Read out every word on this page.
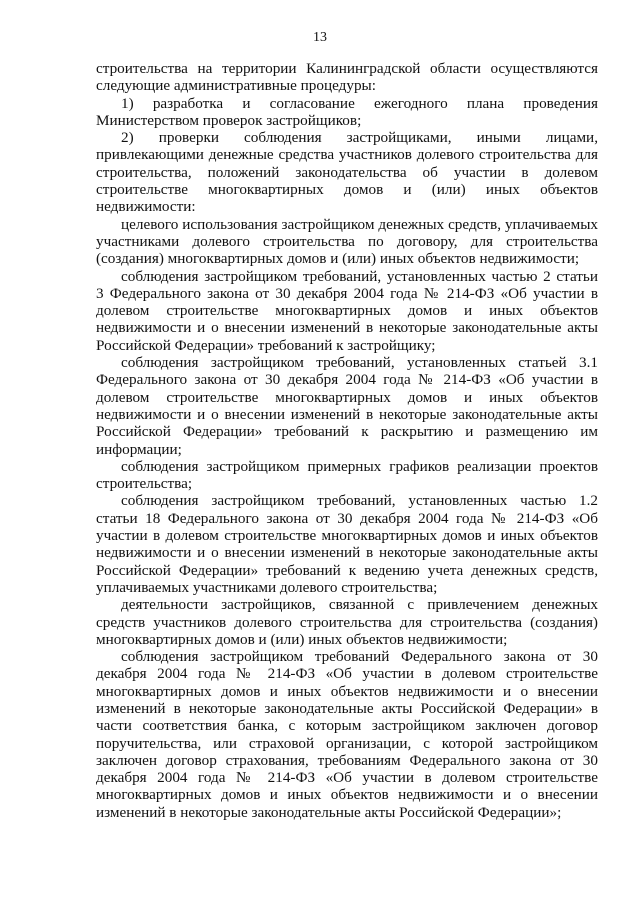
13

строительства на территории Калининградской области осуществляются следующие административные процедуры:

1) разработка и согласование ежегодного плана проведения Министерством проверок застройщиков;

2) проверки соблюдения застройщиками, иными лицами, привлекающими денежные средства участников долевого строительства для строительства, положений законодательства об участии в долевом строительстве многоквартирных домов и (или) иных объектов недвижимости:

целевого использования застройщиком денежных средств, уплачиваемых участниками долевого строительства по договору, для строительства (создания) многоквартирных домов и (или) иных объектов недвижимости;

соблюдения застройщиком требований, установленных частью 2 статьи 3 Федерального закона от 30 декабря 2004 года № 214-ФЗ «Об участии в долевом строительстве многоквартирных домов и иных объектов недвижимости и о внесении изменений в некоторые законодательные акты Российской Федерации» требований к застройщику;

соблюдения застройщиком требований, установленных статьей 3.1 Федерального закона от 30 декабря 2004 года № 214-ФЗ «Об участии в долевом строительстве многоквартирных домов и иных объектов недвижимости и о внесении изменений в некоторые законодательные акты Российской Федерации» требований к раскрытию и размещению им информации;

соблюдения застройщиком примерных графиков реализации проектов строительства;

соблюдения застройщиком требований, установленных частью 1.2 статьи 18 Федерального закона от 30 декабря 2004 года № 214-ФЗ «Об участии в долевом строительстве многоквартирных домов и иных объектов недвижимости и о внесении изменений в некоторые законодательные акты Российской Федерации» требований к ведению учета денежных средств, уплачиваемых участниками долевого строительства;

деятельности застройщиков, связанной с привлечением денежных средств участников долевого строительства для строительства (создания) многоквартирных домов и (или) иных объектов недвижимости;

соблюдения застройщиком требований Федерального закона от 30 декабря 2004 года № 214-ФЗ «Об участии в долевом строительстве многоквартирных домов и иных объектов недвижимости и о внесении изменений в некоторые законодательные акты Российской Федерации» в части соответствия банка, с которым застройщиком заключен договор поручительства, или страховой организации, с которой застройщиком заключен договор страхования, требованиям Федерального закона от 30 декабря 2004 года № 214-ФЗ «Об участии в долевом строительстве многоквартирных домов и иных объектов недвижимости и о внесении изменений в некоторые законодательные акты Российской Федерации»;
